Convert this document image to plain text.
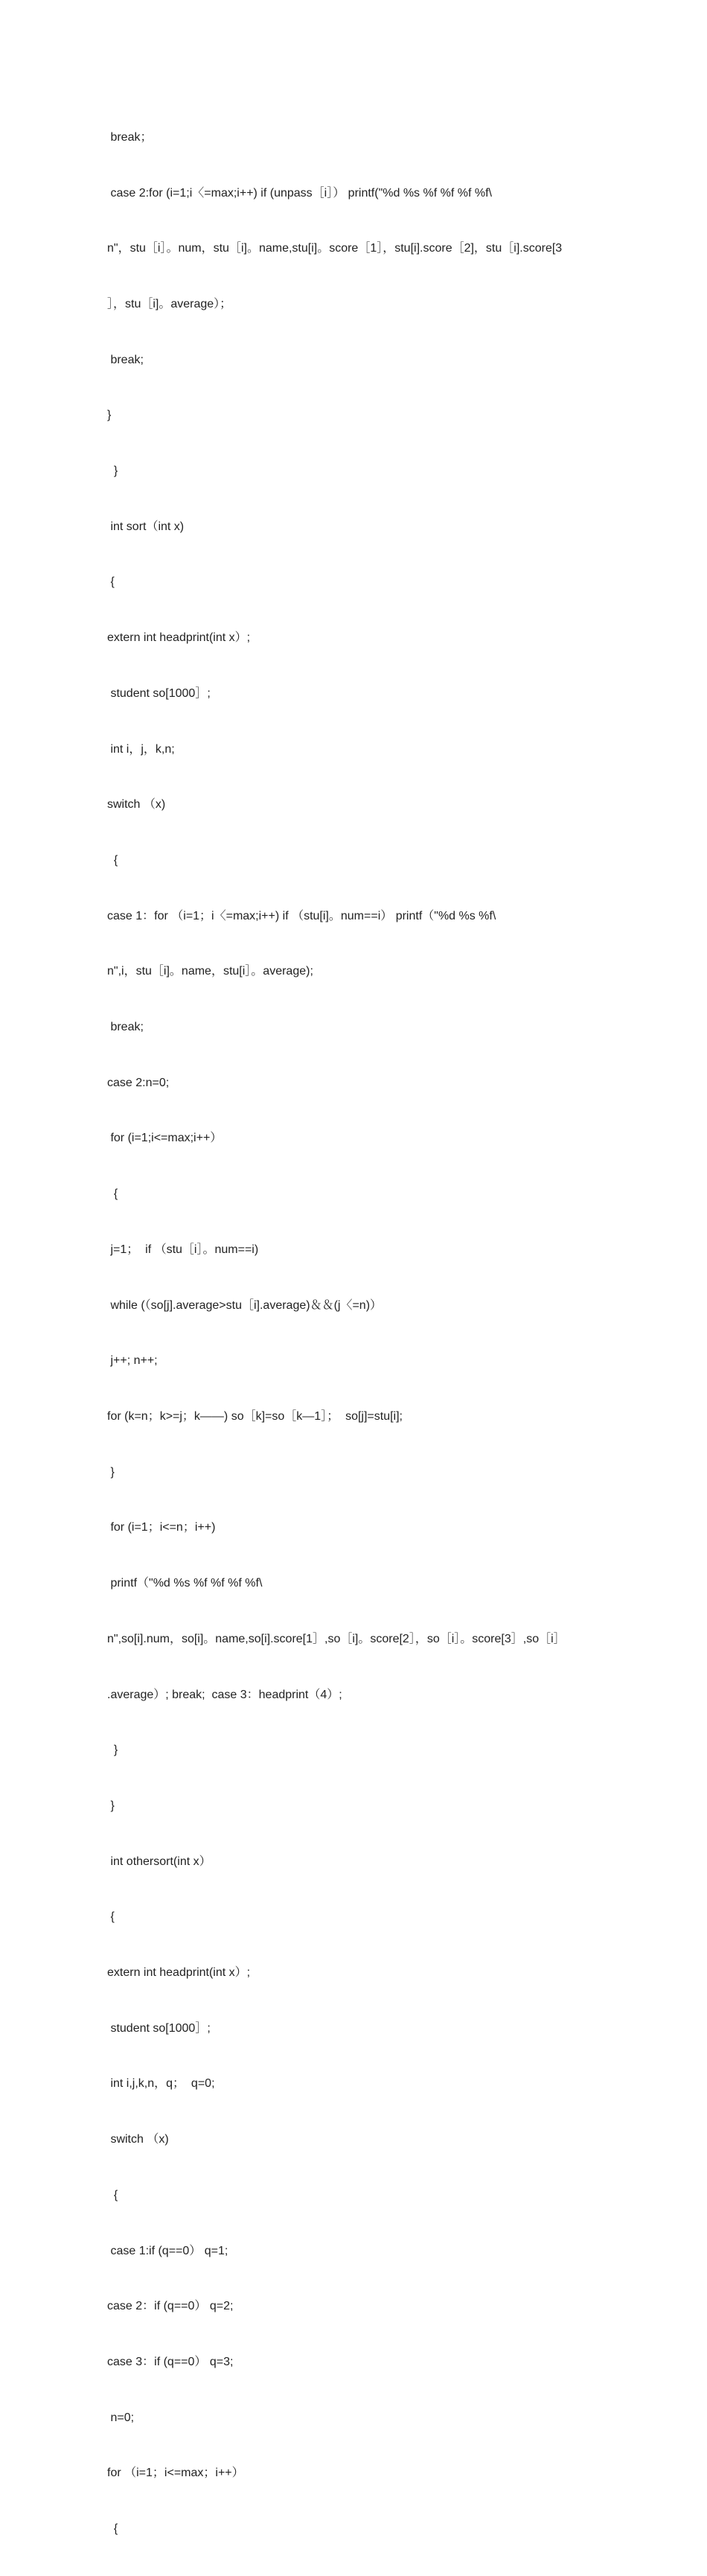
break；

case 2:for (i=1;i〈=max;i++) if (unpass［i］） printf("%d %s %f %f %f %f\

n"，stu［i］。num，stu［i]。name,stu[i]。score［1］，stu[i].score［2]，stu［i].score[3

］，stu［i]。average）；

break;

}

}

int sort（int x)

{

extern int headprint(int x）;

student so[1000］;

int i，j，k,n;

switch （x)

{

case 1：for （i=1；i〈=max;i++) if （stu[i]。num==i） printf（"%d %s %f\

n",i，stu［i]。name，stu[i］。average);

break;

case 2:n=0;

for (i=1;i<=max;i++）

{

j=1；  if （stu［i］。num==i)

while (（so[j].average>stu［i].average)＆＆(j〈=n)）

j++; n++;

for (k=n；k>=j；k——) so［k]=so［k—1］；  so[j]=stu[i];

}

for (i=1；i<=n；i++)

printf（"%d %s %f %f %f %f\

n",so[i].num，so[i]。name,so[i].score[1］,so［i]。score[2］，so［i］。score[3］,so［i］

.average）; break;  case 3：headprint（4）;

}

}

int othersort(int x）

{

extern int headprint(int x）;

student so[1000］;

int i,j,k,n，q；  q=0;

switch （x)

{

case 1:if (q==0） q=1;

case 2：if (q==0） q=2;

case 3：if (q==0） q=3;

n=0;

for （i=1；i<=max；i++）

{
